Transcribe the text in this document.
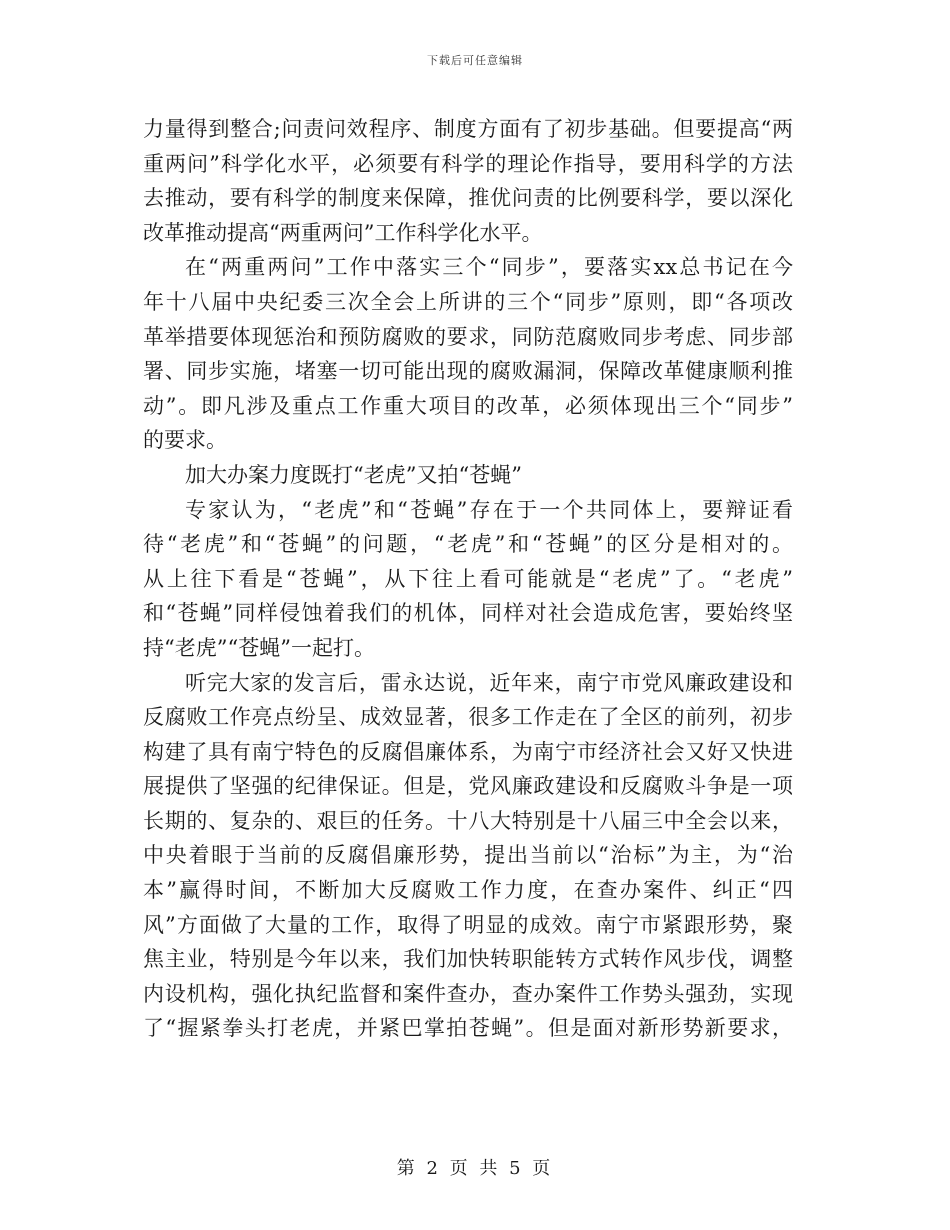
下载后可任意编辑
力量得到整合;问责问效程序、制度方面有了初步基础。但要提高“两
重两问”科学化水平，必须要有科学的理论作指导，要用科学的方法
去推动，要有科学的制度来保障，推优问责的比例要科学，要以深化
改革推动提高“两重两问”工作科学化水平。
在“两重两问”工作中落实三个“同步”，要落实xx总书记在今
年十八届中央纪委三次全会上所讲的三个“同步”原则，即“各项改
革举措要体现惩治和预防腐败的要求，同防范腐败同步考虑、同步部
署、同步实施，堵塞一切可能出现的腐败漏洞，保障改革健康顺利推
动”。即凡涉及重点工作重大项目的改革，必须体现出三个“同步”
的要求。
加大办案力度既打“老虎”又拍“苍蝇”
专家认为，“老虎”和“苍蝇”存在于一个共同体上，要辩证看
待“老虎”和“苍蝇”的问题，“老虎”和“苍蝇”的区分是相对的。
从上往下看是“苍蝇”，从下往上看可能就是“老虎”了。“老虎”
和“苍蝇”同样侵蚀着我们的机体，同样对社会造成危害，要始终坚
持“老虎”“苍蝇”一起打。
听完大家的发言后，雷永达说，近年来，南宁市党风廉政建设和
反腐败工作亮点纷呈、成效显著，很多工作走在了全区的前列，初步
构建了具有南宁特色的反腐倡廉体系，为南宁市经济社会又好又快进
展提供了坚强的纪律保证。但是，党风廉政建设和反腐败斗争是一项
长期的、复杂的、艰巨的任务。十八大特别是十八届三中全会以来，
中央着眼于当前的反腐倡廉形势，提出当前以“治标”为主，为“治
本”赢得时间，不断加大反腐败工作力度，在查办案件、纠正“四
风”方面做了大量的工作，取得了明显的成效。南宁市紧跟形势，聚
焦主业，特别是今年以来，我们加快转职能转方式转作风步伐，调整
内设机构，强化执纪监督和案件查办，查办案件工作势头强劲，实现
了“握紧拳头打老虎，并紧巴掌拍苍蝇”。但是面对新形势新要求，
第 2 页 共 5 页
